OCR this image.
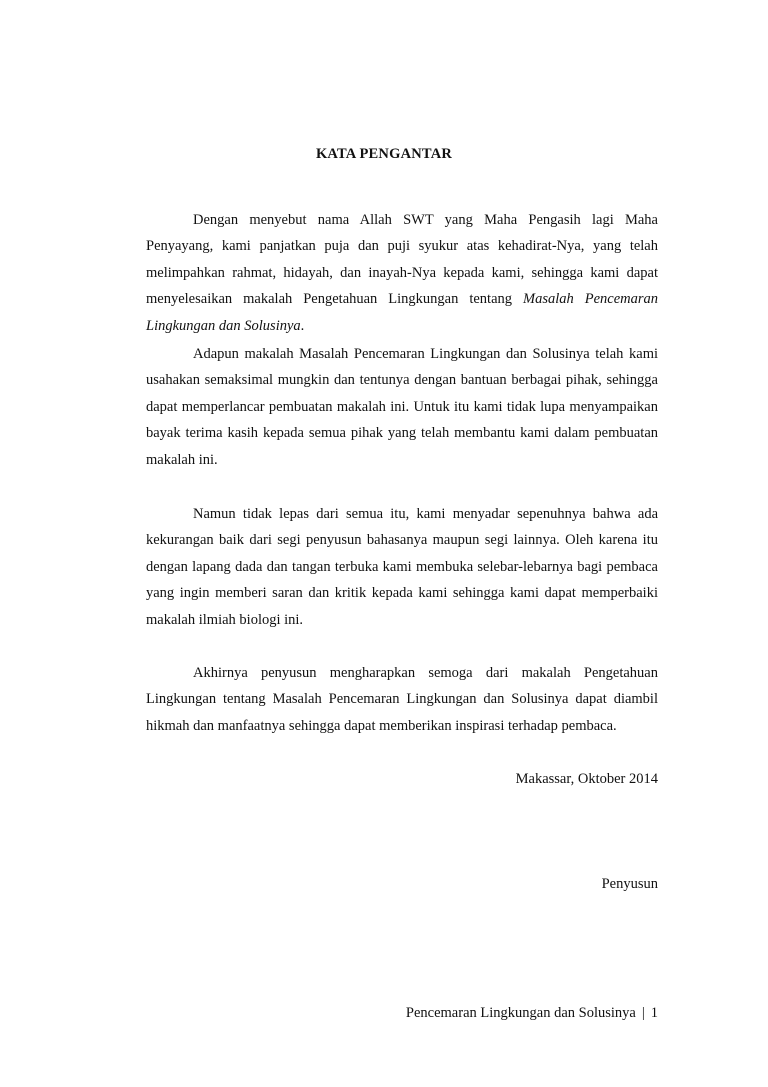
KATA PENGANTAR

Dengan menyebut nama Allah SWT yang Maha Pengasih lagi Maha Penyayang, kami panjatkan puja dan puji syukur atas kehadirat-Nya, yang telah melimpahkan rahmat, hidayah, dan inayah-Nya kepada kami, sehingga kami dapat menyelesaikan makalah Pengetahuan Lingkungan tentang Masalah Pencemaran Lingkungan dan Solusinya.

Adapun makalah Masalah Pencemaran Lingkungan dan Solusinya telah kami usahakan semaksimal mungkin dan tentunya dengan bantuan berbagai pihak, sehingga dapat memperlancar pembuatan makalah ini. Untuk itu kami tidak lupa menyampaikan bayak terima kasih kepada semua pihak yang telah membantu kami dalam pembuatan makalah ini.

Namun tidak lepas dari semua itu, kami menyadar sepenuhnya bahwa ada kekurangan baik dari segi penyusun bahasanya maupun segi lainnya. Oleh karena itu dengan lapang dada dan tangan terbuka kami membuka selebar-lebarnya bagi pembaca yang ingin memberi saran dan kritik kepada kami sehingga kami dapat memperbaiki makalah ilmiah biologi ini.

Akhirnya penyusun mengharapkan semoga dari makalah Pengetahuan Lingkungan tentang Masalah Pencemaran Lingkungan dan Solusinya dapat diambil hikmah dan manfaatnya sehingga dapat memberikan inspirasi terhadap pembaca.

Makassar, Oktober 2014
Penyusun
Pencemaran Lingkungan dan Solusinya | 1
